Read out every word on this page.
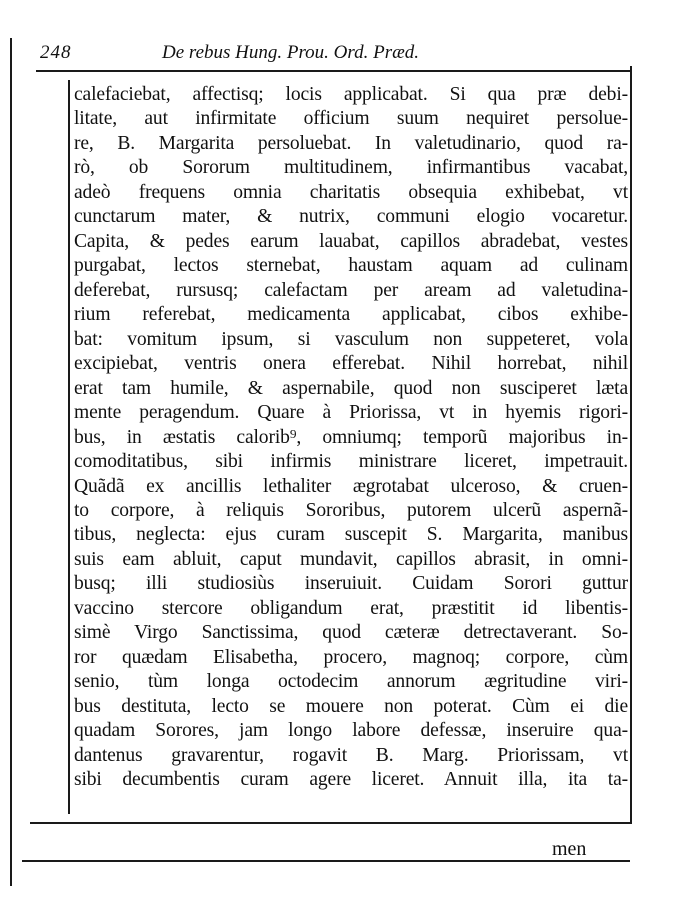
248	De rebus Hung. Prou. Ord. Præd.
calefaciebat, affectisq; locis applicabat. Si qua præ debi-
litate, aut infirmitate officium suum nequiret persolue-
re, B. Margarita persoluebat. In valetudinario, quod ra-
rò, ob Sororum multitudinem, infirmantibus vacabat,
adeò frequens omnia charitatis obsequia exhibebat, vt
cunctarum mater, & nutrix, communi elogio vocaretur.
Capita, & pedes earum lauabat, capillos abradebat, vestes
purgabat, lectos sternebat, haustam aquam ad culinam
deferebat, rursusq; calefactam per aream ad valetudina-
rium referebat, medicamenta applicabat, cibos exhibe-
bat: vomitum ipsum, si vasculum non suppeteret, vola
excipiebat, ventris onera efferebat. Nihil horrebat, nihil
erat tam humile, & aspernabile, quod non susciperet læta
mente peragendum. Quare à Priorissa, vt in hyemis rigori-
bus, in æstatis calorib⁹, omniumq; temporũ majoribus in-
comoditatibus, sibi infirmis ministrare liceret, impetrauit.
Quãdã ex ancillis lethaliter ægrotabat ulceroso, & cruen-
to corpore, à reliquis Sororibus, putorem ulcerũ aspernã-
tibus, neglecta: ejus curam suscepit S. Margarita, manibus
suis eam abluit, caput mundavit, capillos abrasit, in omni-
busq; illi studiosiùs inseruiuit. Cuidam Sorori guttur
vaccino stercore obligandum erat, præstitit id libentis-
simè Virgo Sanctissima, quod cæteræ detrectaverant. So-
ror quædam Elisabetha, procero, magnoq; corpore, cùm
senio, tùm longa octodecim annorum ægritudine viri-
bus destituta, lecto se mouere non poterat. Cùm ei die
quadam Sorores, jam longo labore defessæ, inseruire qua-
dantenus gravarentur, rogavit B. Marg. Priorissam, vt
sibi decumbentis curam agere liceret. Annuit illa, ita ta-
men
